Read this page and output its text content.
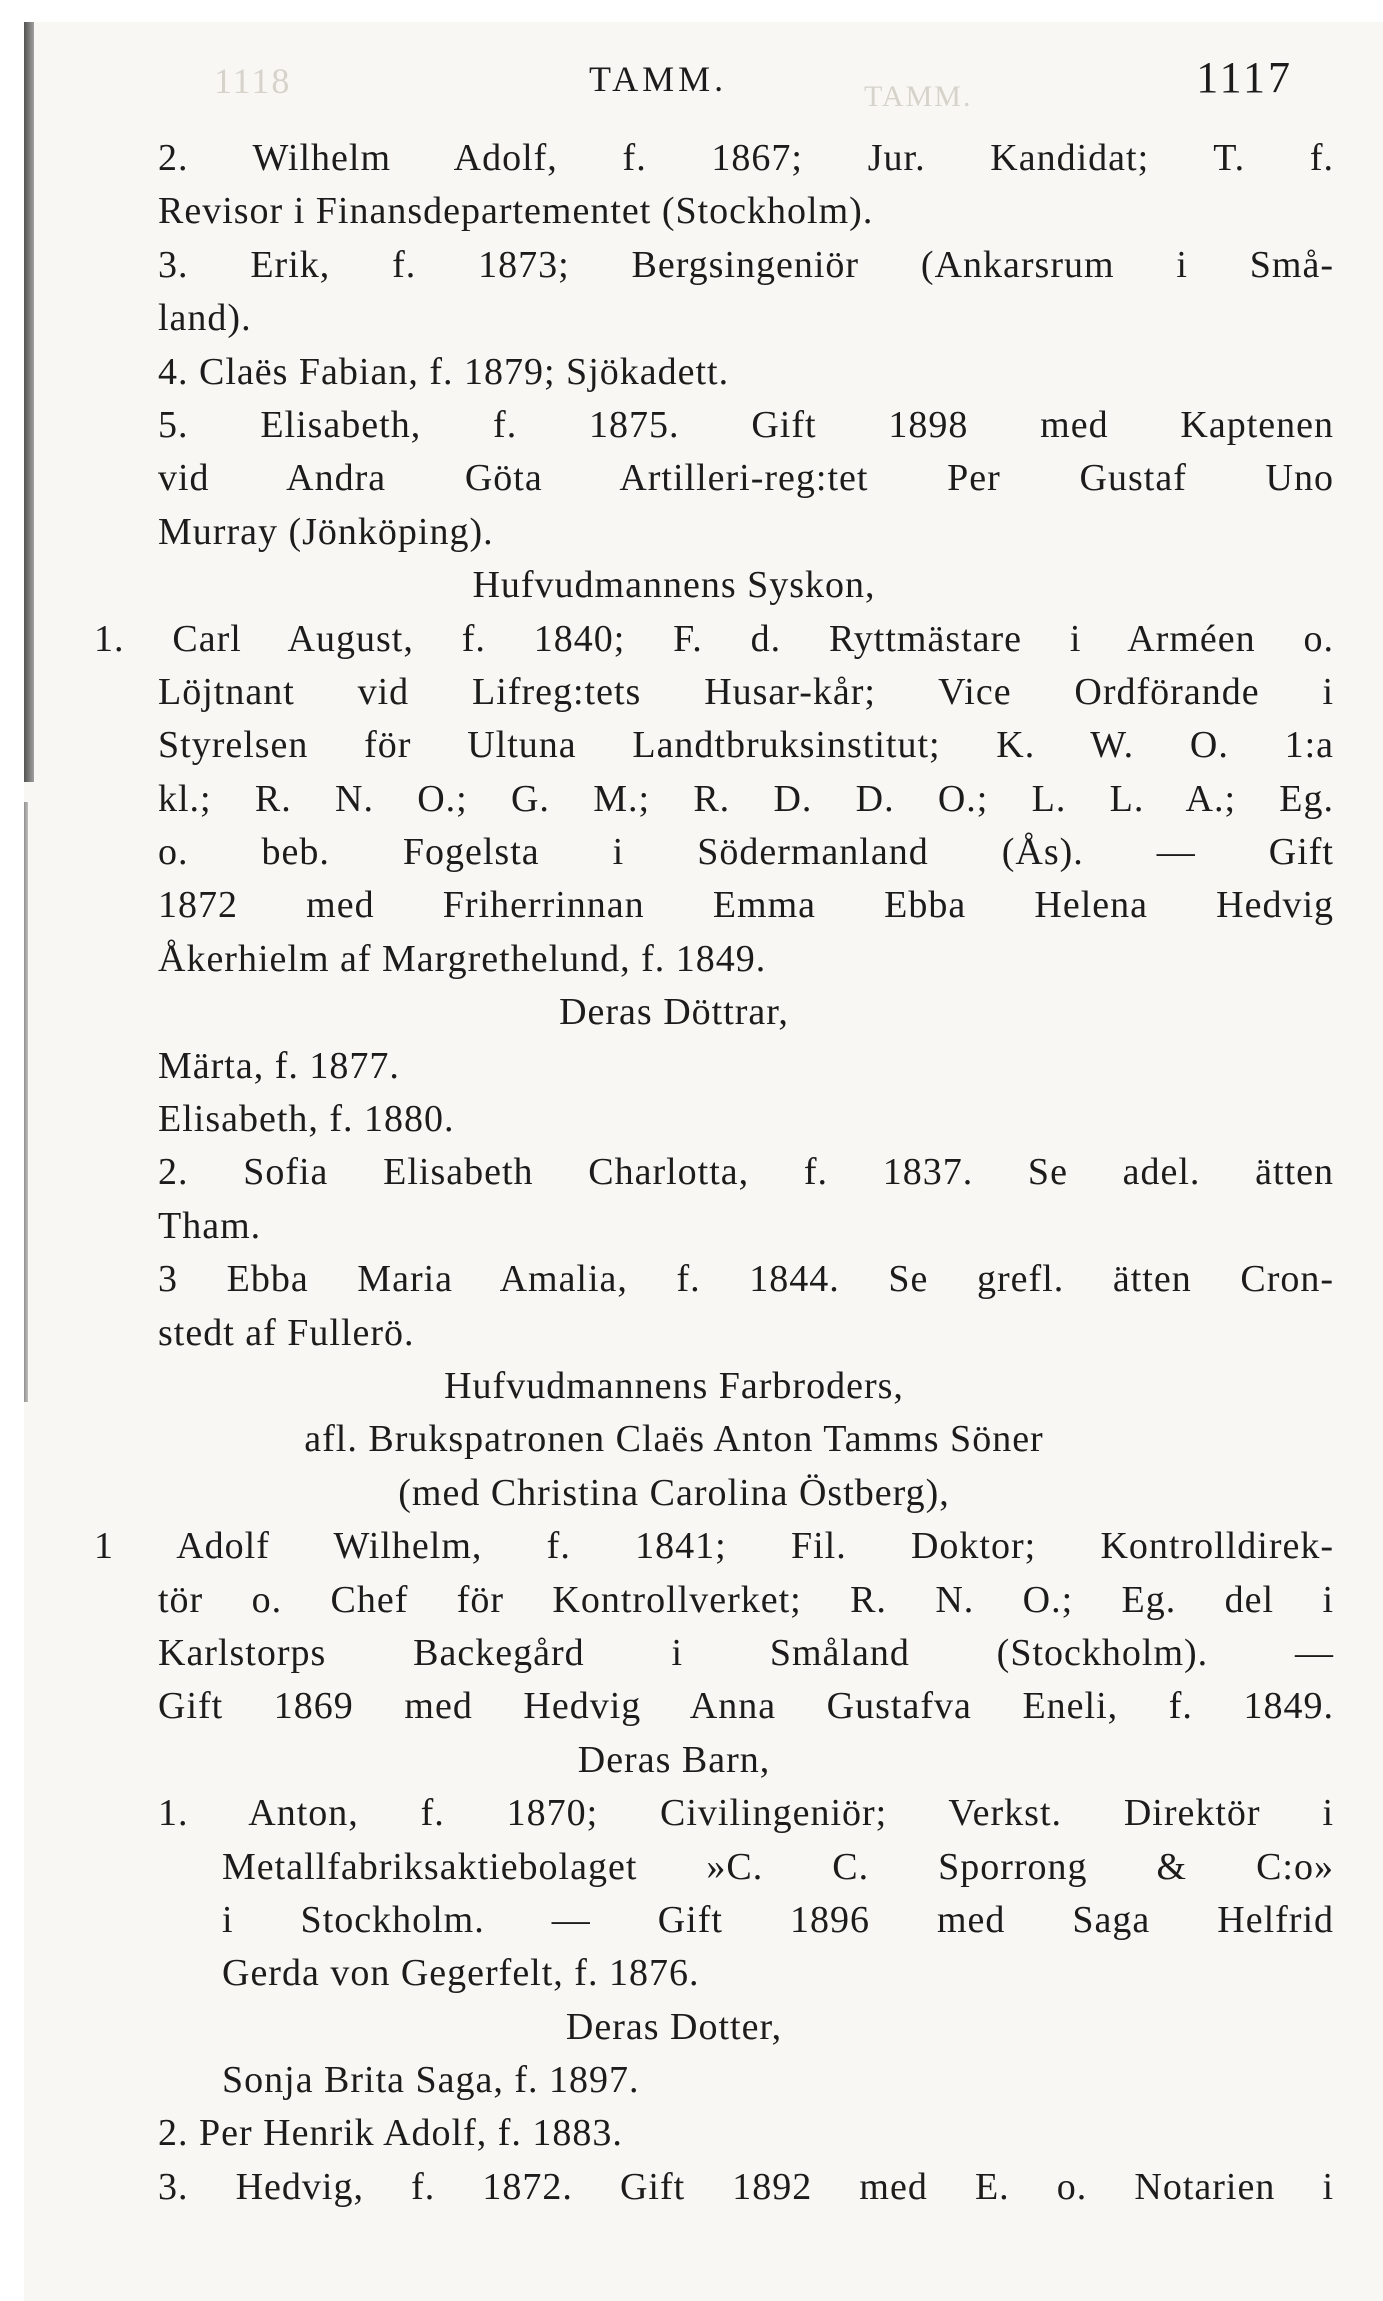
1118	TAMM.
TAMM.	1117
2. Wilhelm Adolf, f. 1867; Jur. Kandidat; T. f.
Revisor i Finansdepartementet (Stockholm).
3. Erik, f. 1873; Bergsingeniör (Ankarsrum i Små-
land).
4. Claës Fabian, f. 1879; Sjökadett.
5. Elisabeth, f. 1875. Gift 1898 med Kaptenen
vid Andra Göta Artilleri-reg:tet Per Gustaf Uno
Murray (Jönköping).
Hufvudmannens Syskon,
1. Carl August, f. 1840; F. d. Ryttmästare i Arméen o.
Löjtnant vid Lifreg:tets Husar-kår; Vice Ordförande i
Styrelsen för Ultuna Landtbruksinstitut; K. W. O. 1:a
kl.; R. N. O.; G. M.; R. D. D. O.; L. L. A.; Eg.
o. beb. Fogelsta i Södermanland (Ås). — Gift
1872 med Friherrinnan Emma Ebba Helena Hedvig
Åkerhielm af Margrethelund, f. 1849.
Deras Döttrar,
Märta, f. 1877.
Elisabeth, f. 1880.
2. Sofia Elisabeth Charlotta, f. 1837. Se adel. ätten
Tham.
3 Ebba Maria Amalia, f. 1844. Se grefl. ätten Cron-
stedt af Fullerö.
Hufvudmannens Farbroders,
afl. Brukspatronen Claës Anton Tamms Söner
(med Christina Carolina Östberg),
1 Adolf Wilhelm, f. 1841; Fil. Doktor; Kontrolldirek-
tör o. Chef för Kontrollverket; R. N. O.; Eg. del i
Karlstorps Backegård i Småland (Stockholm). —
Gift 1869 med Hedvig Anna Gustafva Eneli, f. 1849.
Deras Barn,
1. Anton, f. 1870; Civilingeniör; Verkst. Direktör i
Metallfabriksaktiebolaget »C. C. Sporrong & C:o»
i Stockholm. — Gift 1896 med Saga Helfrid
Gerda von Gegerfelt, f. 1876.
Deras Dotter,
Sonja Brita Saga, f. 1897.
2. Per Henrik Adolf, f. 1883.
3. Hedvig, f. 1872. Gift 1892 med E. o. Notarien i
